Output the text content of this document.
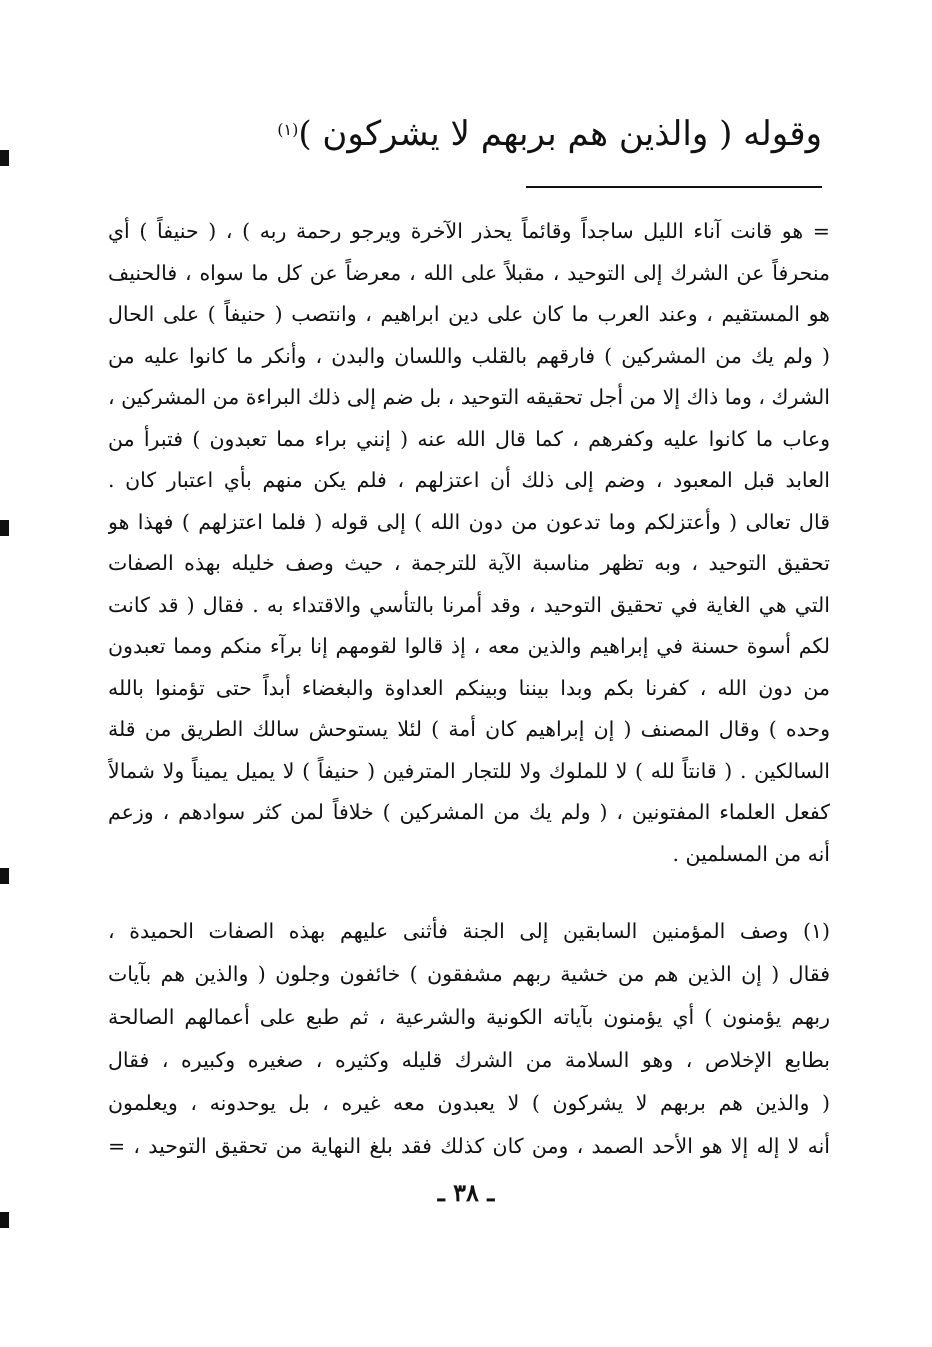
وقوله ( والذين هم بربهم لا يشركون )$^{(١)}$
= هو قانت آناء الليل ساجداً وقائماً يحذر الآخرة ويرجو رحمة ربه ) ، ( حنيفاً ) أي
منحرفاً عن الشرك إلى التوحيد ، مقبلاً على الله ، معرضاً عن كل ما سواه ، فالحنيف
هو المستقيم ، وعند العرب ما كان على دين ابراهيم ، وانتصب ( حنيفاً ) على الحال
( ولم يك من المشركين ) فارقهم بالقلب واللسان والبدن ، وأنكر ما كانوا عليه من
الشرك ، وما ذاك إلا من أجل تحقيقه التوحيد ، بل ضم إلى ذلك البراءة من المشركين ،
وعاب ما كانوا عليه وكفرهم ، كما قال الله عنه ( إنني براء مما تعبدون ) فتبرأ من
العابد قبل المعبود ، وضم إلى ذلك أن اعتزلهم ، فلم يكن منهم بأي اعتبار كان .
قال تعالى ( وأعتزلكم وما تدعون من دون الله ) إلى قوله ( فلما اعتزلهم ) فهذا هو
تحقيق التوحيد ، وبه تظهر مناسبة الآية للترجمة ، حيث وصف خليله بهذه الصفات
التي هي الغاية في تحقيق التوحيد ، وقد أمرنا بالتأسي والاقتداء به . فقال ( قد كانت
لكم أسوة حسنة في إبراهيم والذين معه ، إذ قالوا لقومهم إنا برآء منكم ومما تعبدون
من دون الله ، كفرنا بكم وبدا بيننا وبينكم العداوة والبغضاء أبداً حتى تؤمنوا بالله
وحده ) وقال المصنف ( إن إبراهيم كان أمة ) لئلا يستوحش سالك الطريق من قلة
السالكين . ( قانتاً لله ) لا للملوك ولا للتجار المترفين ( حنيفاً ) لا يميل يميناً ولا شمالاً
كفعل العلماء المفتونين ، ( ولم يك من المشركين ) خلافاً لمن كثر سوادهم ، وزعم
أنه من المسلمين .
(١) وصف المؤمنين السابقين إلى الجنة فأثنى عليهم بهذه الصفات الحميدة ،
فقال ( إن الذين هم من خشية ربهم مشفقون ) خائفون وجلون ( والذين هم بآيات
ربهم يؤمنون ) أي يؤمنون بآياته الكونية والشرعية ، ثم طبع على أعمالهم الصالحة
بطابع الإخلاص ، وهو السلامة من الشرك قليله وكثيره ، صغيره وكبيره ، فقال
( والذين هم بربهم لا يشركون ) لا يعبدون معه غيره ، بل يوحدونه ، ويعلمون
أنه لا إله إلا هو الأحد الصمد ، ومن كان كذلك فقد بلغ النهاية من تحقيق التوحيد ، =
ـ ٣٨ ـ
